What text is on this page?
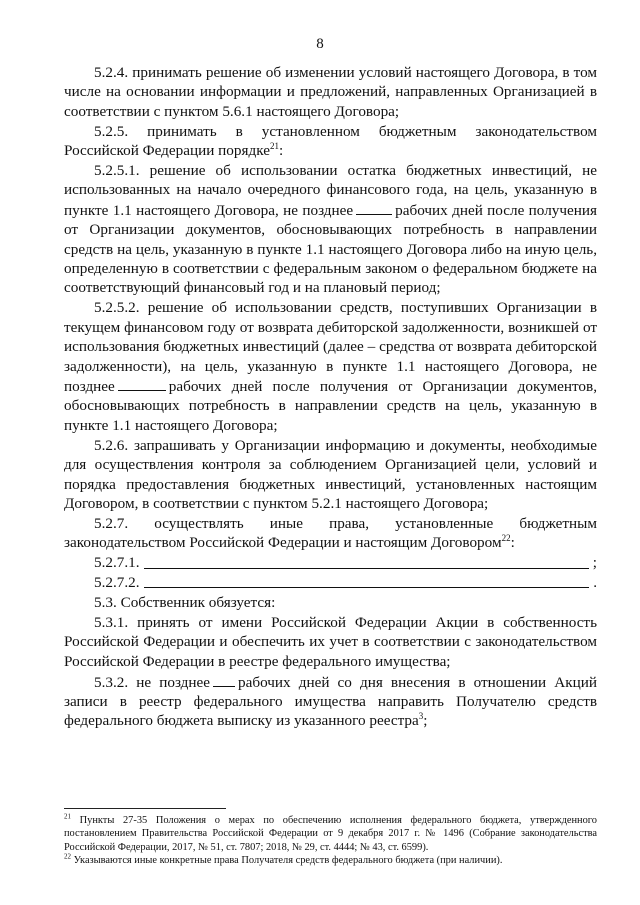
8

5.2.4. принимать решение об изменении условий настоящего Договора, в том числе на основании информации и предложений, направленных Организацией в соответствии с пунктом 5.6.1 настоящего Договора;

5.2.5. принимать в установленном бюджетным законодательством Российской Федерации порядке$^{21}$:

5.2.5.1. решение об использовании остатка бюджетных инвестиций, не использованных на начало очередного финансового года, на цель, указанную в пункте 1.1 настоящего Договора, не позднее	рабочих дней после получения от Организации документов, обосновывающих потребность в направлении средств на цель, указанную в пункте 1.1 настоящего Договора либо на иную цель, определенную в соответствии с федеральным законом о федеральном бюджете на соответствующий финансовый год и на плановый период;

5.2.5.2. решение об использовании средств, поступивших Организации в текущем финансовом году от возврата дебиторской задолженности, возникшей от использования бюджетных инвестиций (далее – средства от возврата дебиторской задолженности), на цель, указанную в пункте 1.1 настоящего Договора, не позднее	рабочих дней после получения от Организации документов, обосновывающих потребность в направлении средств на цель, указанную в пункте 1.1 настоящего Договора;

5.2.6. запрашивать у Организации информацию и документы, необходимые для осуществления контроля за соблюдением Организацией цели, условий и порядка предоставления бюджетных инвестиций, установленных настоящим Договором, в соответствии с пунктом 5.2.1 настоящего Договора;

5.2.7. осуществлять иные права, установленные бюджетным законодательством Российской Федерации и настоящим Договором$^{22}$:

5.2.7.1.	;
5.2.7.2.	.

5.3. Собственник обязуется:

5.3.1. принять от имени Российской Федерации Акции в собственность Российской Федерации и обеспечить их учет в соответствии с законодательством Российской Федерации в реестре федерального имущества;

5.3.2. не позднее рабочих дней со дня внесения в отношении Акций записи в реестр федерального имущества направить Получателю средств федерального бюджета выписку из указанного реестра$^3$;

$^{21}$ Пункты 27-35 Положения о мерах по обеспечению исполнения федерального бюджета, утвержденного постановлением Правительства Российской Федерации от 9 декабря 2017 г. № 1496 (Собрание законодательства Российской Федерации, 2017, № 51, ст. 7807; 2018, № 29, ст. 4444; № 43, ст. 6599).

$^{22}$ Указываются иные конкретные права Получателя средств федерального бюджета (при наличии).
